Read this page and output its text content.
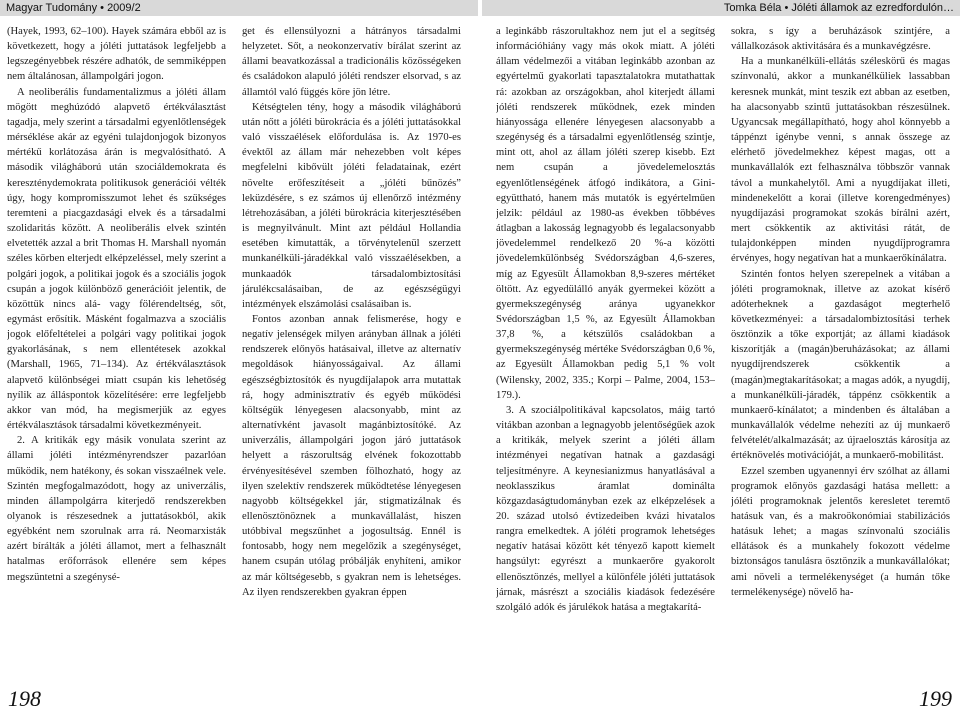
Magyar Tudomány • 2009/2	Tomka Béla • Jóléti államok az ezredfordulón…

(Hayek, 1993, 62–100). Hayek számára ebből az is következett, hogy a jóléti juttatások legfeljebb a legszegényebbek részére adhatók, de semmiképpen nem általánosan, állampolgári jogon.

A neoliberális fundamentalizmus a jóléti állam mögött meghúzódó alapvető értékválasztást tagadja, mely szerint a társadalmi egyenlőtlenségek mérséklése akár az egyéni tulajdonjogok bizonyos mértékű korlátozása árán is megvalósítható. A második világháború után szociáldemokrata és kereszténydemokrata politikusok generációi vélték úgy, hogy kompromisszumot lehet és szükséges teremteni a piacgazdasági elvek és a társadalmi szolidaritás között. A neoliberális elvek szintén elvetették azzal a brit Thomas H. Marshall nyomán széles körben elterjedt elképzeléssel, mely szerint a polgári jogok, a politikai jogok és a szociális jogok csupán a jogok különböző generációit jelentik, de közöttük nincs alá- vagy fölérendeltség, sőt, egymást erősítik. Másként fogalmazva a szociális jogok előfeltételei a polgári vagy politikai jogok gyakorlásának, s nem ellentétesek azokkal (Marshall, 1965, 71–134). Az értékválasztások alapvető különbségei miatt csupán kis lehetőség nyílik az álláspontok közelítésére: erre legfeljebb akkor van mód, ha megismerjük az egyes értékválasztások társadalmi következményeit.

2. A kritikák egy másik vonulata szerint az állami jóléti intézményrendszer pazarlóan működik, nem hatékony, és sokan visszaélnek vele. Szintén megfogalmazódott, hogy az univerzális, minden állampolgárra kiterjedő rendszerekben olyanok is részesednek a juttatásokból, akik egyébként nem szorulnak arra rá. Neomarxisták azért bírálták a jóléti államot, mert a felhasznált hatalmas erőforrások ellenére sem képes megszüntetni a szegénysé-

get és ellensúlyozni a hátrányos társadalmi helyzetet. Sőt, a neokonzervatív bírálat szerint az állami beavatkozással a tradicionális közösségeken és családokon alapuló jóléti rendszer elsorvad, s az államtól való függés köre jön létre.

Kétségtelen tény, hogy a második világháború után nőtt a jóléti bürokrácia és a jóléti juttatásokkal való visszaélések előfordulása is. Az 1970-es évektől az állam már nehezebben volt képes megfelelni kibővült jóléti feladatainak, ezért növelte erőfeszítéseit a „jóléti bűnözés” leküzdésére, s ez számos új ellenőrző intézmény létrehozásában, a jóléti bürokrácia kiterjesztésében is megnyilvánult. Mint azt például Hollandia esetében kimutatták, a törvénytelenül szerzett munkanélküli-járadékkal való visszaélésekben, a munkaadók társadalombiztosítási járulékcsalásaiban, de az egészségügyi intézmények elszámolási csalásaiban is.

Fontos azonban annak felismerése, hogy e negatív jelenségek milyen arányban állnak a jóléti rendszerek előnyös hatásaival, illetve az alternatív megoldások hiányosságaival. Az állami egészségbiztosítók és nyugdíjalapok arra mutattak rá, hogy adminisztratív és egyéb működési költségük lényegesen alacsonyabb, mint az alternatívként javasolt magánbiztosítóké. Az univerzális, állampolgári jogon járó juttatások helyett a rászorultság elvének fokozottabb érvényesítésével szemben fölhozható, hogy az ilyen szelektív rendszerek működtetése lényegesen nagyobb költségekkel jár, stigmatizálnak és ellenösztönöznek a munkavállalást, hiszen utóbbival megszűnhet a jogosultság. Ennél is fontosabb, hogy nem megelőzik a szegénységet, hanem csupán utólag próbálják enyhíteni, amikor az már költségesebb, s gyakran nem is lehetséges. Az ilyen rendszerekben gyakran éppen

a leginkább rászorultakhoz nem jut el a segítség információhiány vagy más okok miatt. A jóléti állam védelmezői a vitában leginkább azonban az egyértelmű gyakorlati tapasztalatokra mutathattak rá: azokban az országokban, ahol kiterjedt állami jóléti rendszerek működnek, ezek minden hiányossága ellenére lényegesen alacsonyabb a szegénység és a társadalmi egyenlőtlenség szintje, mint ott, ahol az állam jóléti szerep kisebb. Ezt nem csupán a jövedelemelosztás egyenlőtlenségének átfogó indikátora, a Gini-együttható, hanem más mutatók is egyértelműen jelzik: például az 1980-as években többéves átlagban a lakosság legnagyobb és legalacsonyabb jövedelemmel rendelkező 20 %-a közötti jövedelemkülönbség Svédországban 4,6-szeres, míg az Egyesült Államokban 8,9-szeres mértéket öltött. Az egyedülálló anyák gyermekei között a gyermekszegénység aránya ugyanekkor Svédországban 1,5 %, az Egyesült Államokban 37,8 %, a kétszülős családokban a gyermekszegénység mértéke Svédországban 0,6 %, az Egyesült Államokban pedig 5,1 % volt (Wilensky, 2002, 335.; Korpi – Palme, 2004, 153–179.).

3. A szociálpolitikával kapcsolatos, máig tartó vitákban azonban a legnagyobb jelentőségűek azok a kritikák, melyek szerint a jóléti állam intézményei negatívan hatnak a gazdasági teljesítményre. A keynesianizmus hanyatlásával a neoklasszikus áramlat dominálta közgazdaságtudományban ezek az elképzelések a 20. század utolsó évtizedeiben kvázi hivatalos rangra emelkedtek. A jóléti programok lehetséges negatív hatásai között két tényező kapott kiemelt hangsúlyt: egyrészt a munkaerőre gyakorolt ellenösztönzés, mellyel a különféle jóléti juttatások járnak, másrészt a szociális kiadások fedezésére szolgáló adók és járulékok hatása a megtakarítá-

sokra, s így a beruházások szintjére, a vállalkozások aktivitására és a munkavégzésre.

Ha a munkanélküli-ellátás széleskörű és magas színvonalú, akkor a munkanélküliek lassabban keresnek munkát, mint teszik ezt abban az esetben, ha alacsonyabb szintű juttatásokban részesülnek. Ugyancsak megállapítható, hogy ahol könnyebb a táppénzt igénybe venni, s annak összege az elérhető jövedelmekhez képest magas, ott a munkavállalók ezt felhasználva többször vannak távol a munkahelytől. Ami a nyugdíjakat illeti, mindenekelőtt a korai (illetve korengedményes) nyugdíjazási programokat szokás bírálni azért, mert csökkentik az aktivitási rátát, de tulajdonképpen minden nyugdíjprogramra érvényes, hogy negatívan hat a munkaerőkínálatra.

Szintén fontos helyen szerepelnek a vitában a jóléti programoknak, illetve az azokat kísérő adóterheknek a gazdaságot megterhelő következményei: a társadalombiztosítási terhek ösztönzik a tőke exportját; az állami kiadások kiszorítják a (magán)beruházásokat; az állami nyugdíjrendszerek csökkentik a (magán)megtakarításokat; a magas adók, a nyugdíj, a munkanélküli-járadék, táppénz csökkentik a munkaerő-kínálatot; a mindenben és általában a munkavállalók védelme nehezíti az új munkaerő felvételét/alkalmazását; az újraelosztás károsítja az értéknövelés motivációját, a munkaerő-mobilitást.

Ezzel szemben ugyanennyi érv szólhat az állami programok előnyös gazdasági hatása mellett: a jóléti programoknak jelentős keresletet teremtő hatásuk van, és a makroökonómiai stabilizációs hatásuk lehet; a magas színvonalú szociális ellátások és a munkahely fokozott védelme biztonságos tanulásra ösztönzik a munkavállalókat; ami növeli a termelékenységet (a humán tőke termelékenysége) növelő ha-

198	199
